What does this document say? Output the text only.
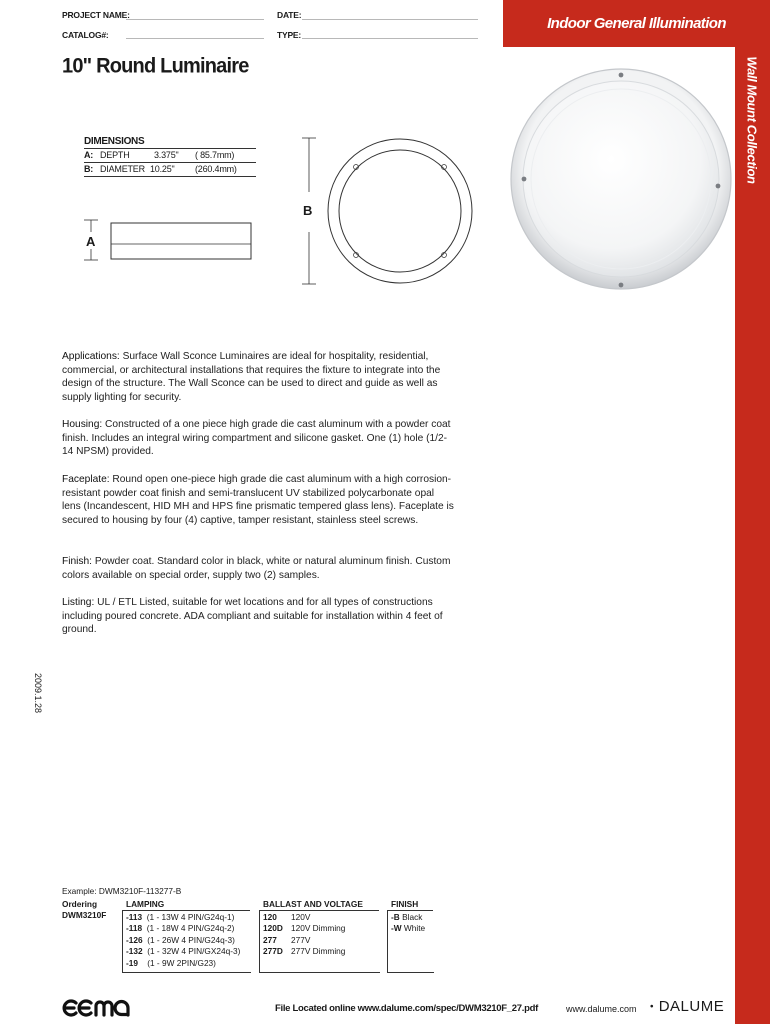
PROJECT NAME:	DATE:
CATALOG#:	TYPE:
Indoor General Illumination
Wall Mount Collection
10" Round Luminaire
DIMENSIONS
A: DEPTH	3.375" ( 85.7mm)
B: DIAMETER 10.25" (260.4mm)
A
B
Applications: Surface Wall Sconce Luminaires are ideal for hospitality, residential, commercial, or architectural installations that requires the fixture to integrate into the design of the structure. The Wall Sconce can be used to direct and guide as well as supply lighting for security.
Housing: Constructed of a one piece high grade die cast aluminum with a powder coat finish. Includes an integral wiring compartment and silicone gasket. One (1) hole (1/2-14 NPSM) provided.
Faceplate: Round open one-piece high grade die cast aluminum with a high corrosion-resistant powder coat finish and semi-translucent UV stabilized polycarbonate opal lens (Incandescent, HID MH and HPS fine prismatic tempered glass lens). Faceplate is secured to housing by four (4) captive, tamper resistant, stainless steel screws.
Finish: Powder coat. Standard color in black, white or natural aluminum finish. Custom colors available on special order, supply two (2) samples.
Listing: UL / ETL Listed, suitable for wet locations and for all types of constructions including poured concrete. ADA compliant and suitable for installation within 4 feet of ground.
2009.1.28
Example: DWM3210F-113277-B
Ordering
DWM3210F
LAMPING
-113 (1 - 13W 4 PIN/G24q-1)
-118 (1 - 18W 4 PIN/G24q-2)
-126 (1 - 26W 4 PIN/G24q-3)
-132 (1 - 32W 4 PIN/GX24q-3)
-19 (1 - 9W 2PIN/G23)
BALLAST AND VOLTAGE
120 120V
120D 120V Dimming
277 277V
277D 277V Dimming
FINISH
-B Black
-W White
File Located online www.dalume.com/spec/DWM3210F_27.pdf	www.dalume.com • DALUME
